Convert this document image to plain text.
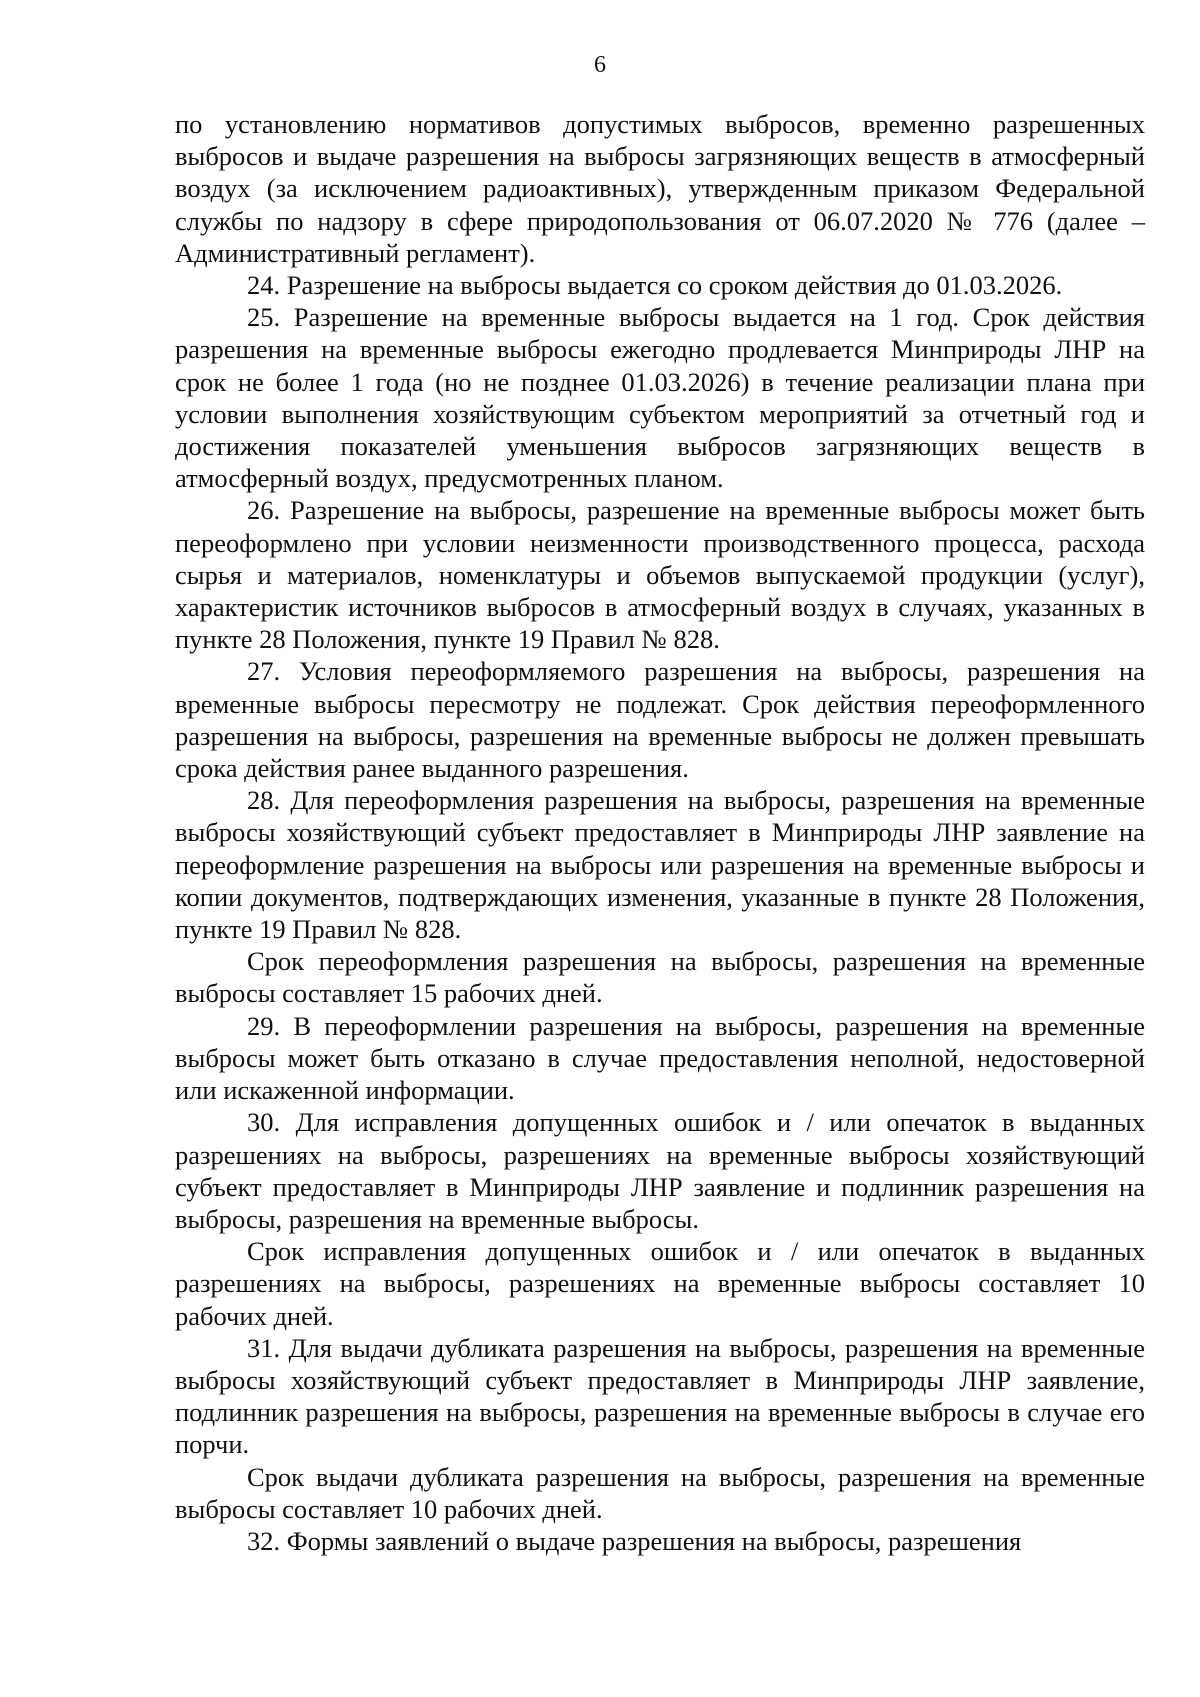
6

по установлению нормативов допустимых выбросов, временно разрешенных выбросов и выдаче разрешения на выбросы загрязняющих веществ в атмосферный воздух (за исключением радиоактивных), утвержденным приказом Федеральной службы по надзору в сфере природопользования от 06.07.2020 № 776 (далее – Административный регламент).

24. Разрешение на выбросы выдается со сроком действия до 01.03.2026.

25. Разрешение на временные выбросы выдается на 1 год. Срок действия разрешения на временные выбросы ежегодно продлевается Минприроды ЛНР на срок не более 1 года (но не позднее 01.03.2026) в течение реализации плана при условии выполнения хозяйствующим субъектом мероприятий за отчетный год и достижения показателей уменьшения выбросов загрязняющих веществ в атмосферный воздух, предусмотренных планом.

26. Разрешение на выбросы, разрешение на временные выбросы может быть переоформлено при условии неизменности производственного процесса, расхода сырья и материалов, номенклатуры и объемов выпускаемой продукции (услуг), характеристик источников выбросов в атмосферный воздух в случаях, указанных в пункте 28 Положения, пункте 19 Правил № 828.

27. Условия переоформляемого разрешения на выбросы, разрешения на временные выбросы пересмотру не подлежат. Срок действия переоформленного разрешения на выбросы, разрешения на временные выбросы не должен превышать срока действия ранее выданного разрешения.

28. Для переоформления разрешения на выбросы, разрешения на временные выбросы хозяйствующий субъект предоставляет в Минприроды ЛНР заявление на переоформление разрешения на выбросы или разрешения на временные выбросы и копии документов, подтверждающих изменения, указанные в пункте 28 Положения, пункте 19 Правил № 828.

Срок переоформления разрешения на выбросы, разрешения на временные выбросы составляет 15 рабочих дней.

29. В переоформлении разрешения на выбросы, разрешения на временные выбросы может быть отказано в случае предоставления неполной, недостоверной или искаженной информации.

30. Для исправления допущенных ошибок и / или опечаток в выданных разрешениях на выбросы, разрешениях на временные выбросы хозяйствующий субъект предоставляет в Минприроды ЛНР заявление и подлинник разрешения на выбросы, разрешения на временные выбросы.

Срок исправления допущенных ошибок и / или опечаток в выданных разрешениях на выбросы, разрешениях на временные выбросы составляет 10 рабочих дней.

31. Для выдачи дубликата разрешения на выбросы, разрешения на временные выбросы хозяйствующий субъект предоставляет в Минприроды ЛНР заявление, подлинник разрешения на выбросы, разрешения на временные выбросы в случае его порчи.

Срок выдачи дубликата разрешения на выбросы, разрешения на временные выбросы составляет 10 рабочих дней.

32. Формы заявлений о выдаче разрешения на выбросы, разрешения
